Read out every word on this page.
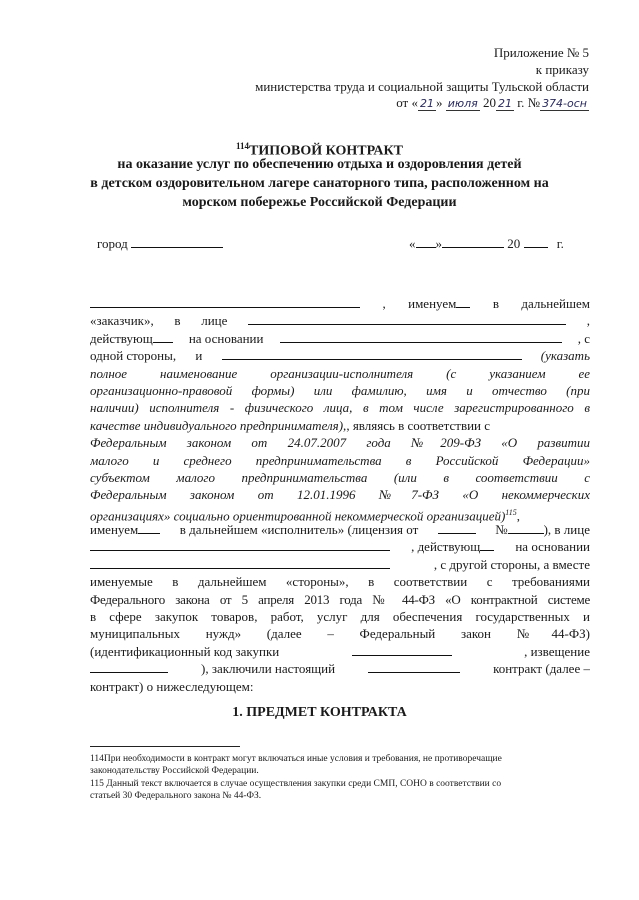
Приложение № 5
к приказу
министерства труда и социальной защиты Тульской области
от « 21 » июля 20 21 г. № 374-осн
$^{114}$ТИПОВОЙ КОНТРАКТ
на оказание услуг по обеспечению отдыха и оздоровления детей
в детском оздоровительном лагере санаторного типа, расположенном на
морском побережье Российской Федерации
город	« »	20	г.
, именуем	в дальнейшем
«заказчик», в лице	,
действующ	на основании	, с
одной стороны, и	(указать
полное наименование организации-исполнителя (с указанием ее
организационно-правовой формы) или фамилию, имя и отчество (при
наличии) исполнителя - физического лица, в том числе зарегистрированного в
качестве индивидуального предпринимателя),, являясь в соответствии с
Федеральным законом от 24.07.2007 года №209-ФЗ «О развитии
малого и среднего предпринимательства в Российской Федерации»
субъектом малого предпринимательства (или в соответствии с
Федеральным законом от 12.01.1996 №7-ФЗ «О некоммерческих
организациях» социально ориентированной некоммерческой организацией)$^{115}$,
именуем	в дальнейшем «исполнитель» (лицензия от	№	), в лице
, действующ	на основании
, с другой стороны, а вместе
именуемые в дальнейшем «стороны», в соответствии с требованиями
Федерального закона от 5 апреля 2013 года № 44-ФЗ «О контрактной системе
в сфере закупок товаров, работ, услуг для обеспечения государственных и
муниципальных нужд» (далее – Федеральный закон №44-ФЗ)
(идентификационный код закупки	, извещение
), заключили настоящий	контракт (далее –
контракт) о нижеследующем:
1. ПРЕДМЕТ КОНТРАКТА
114При необходимости в контракт могут включаться иные условия и требования, не противоречащие
законодательству Российской Федерации.
115 Данный текст включается в случае осуществления закупки среди СМП, СОНО в соответствии со
статьей 30 Федерального закона № 44-ФЗ.
